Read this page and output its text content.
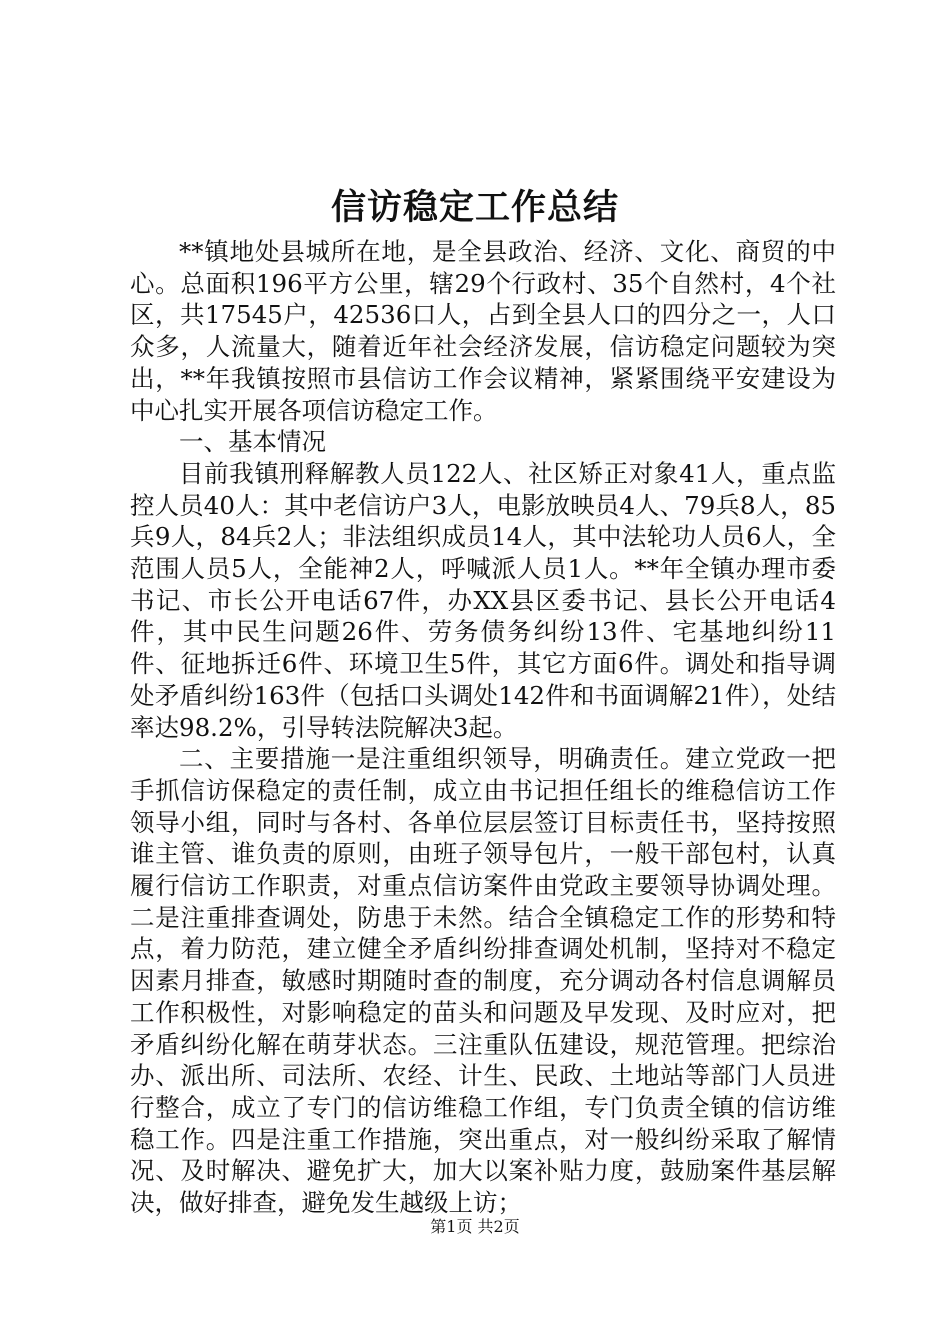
信访稳定工作总结

**镇地处县城所在地，是全县政治、经济、文化、商贸的中心。总面积196平方公里，辖29个行政村、35个自然村，4个社区，共17545户，42536口人，占到全县人口的四分之一，人口众多，人流量大，随着近年社会经济发展，信访稳定问题较为突出，**年我镇按照市县信访工作会议精神，紧紧围绕平安建设为中心扎实开展各项信访稳定工作。

一、基本情况

目前我镇刑释解教人员122人、社区矫正对象41人，重点监控人员40人：其中老信访户3人，电影放映员4人、79兵8人，85兵9人，84兵2人；非法组织成员14人，其中法轮功人员6人，全范围人员5人，全能神2人，呼喊派人员1人。**年全镇办理市委书记、市长公开电话67件，办XX县区委书记、县长公开电话4件，其中民生问题26件、劳务债务纠纷13件、宅基地纠纷11件、征地拆迁6件、环境卫生5件，其它方面6件。调处和指导调处矛盾纠纷163件（包括口头调处142件和书面调解21件），处结率达98.2%，引导转法院解决3起。

二、主要措施一是注重组织领导，明确责任。建立党政一把手抓信访保稳定的责任制，成立由书记担任组长的维稳信访工作领导小组，同时与各村、各单位层层签订目标责任书，坚持按照谁主管、谁负责的原则，由班子领导包片，一般干部包村，认真履行信访工作职责，对重点信访案件由党政主要领导协调处理。二是注重排查调处，防患于未然。结合全镇稳定工作的形势和特点，着力防范，建立健全矛盾纠纷排查调处机制，坚持对不稳定因素月排查，敏感时期随时查的制度，充分调动各村信息调解员工作积极性，对影响稳定的苗头和问题及早发现、及时应对，把矛盾纠纷化解在萌芽状态。三注重队伍建设，规范管理。把综治办、派出所、司法所、农经、计生、民政、土地站等部门人员进行整合，成立了专门的信访维稳工作组，专门负责全镇的信访维稳工作。四是注重工作措施，突出重点，对一般纠纷采取了解情况、及时解决、避免扩大，加大以案补贴力度，鼓励案件基层解决，做好排查，避免发生越级上访；

第1页 共2页
